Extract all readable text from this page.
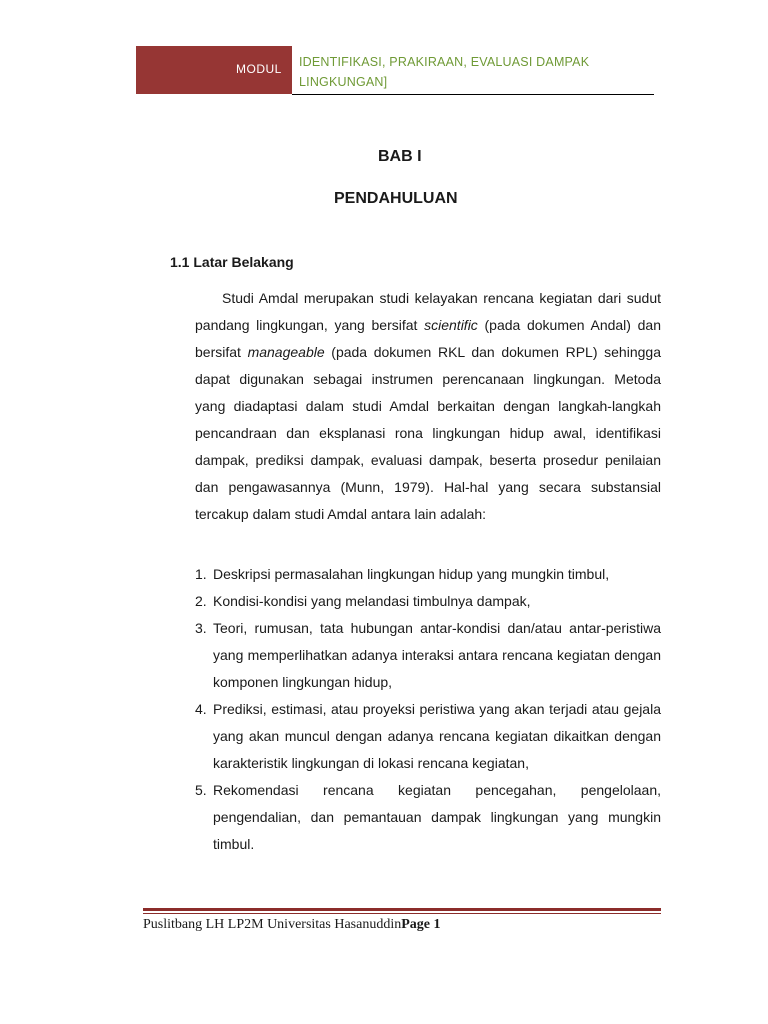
MODUL IDENTIFIKASI, PRAKIRAAN, EVALUASI DAMPAK LINGKUNGAN]
BAB I
PENDAHULUAN
1.1 Latar Belakang

Studi Amdal merupakan studi kelayakan rencana kegiatan dari sudut pandang lingkungan, yang bersifat scientific (pada dokumen Andal) dan bersifat manageable (pada dokumen RKL dan dokumen RPL) sehingga dapat digunakan sebagai instrumen perencanaan lingkungan. Metoda yang diadaptasi dalam studi Amdal berkaitan dengan langkah-langkah pencandraan dan eksplanasi rona lingkungan hidup awal, identifikasi dampak, prediksi dampak, evaluasi dampak, beserta prosedur penilaian dan pengawasannya (Munn, 1979). Hal-hal yang secara substansial tercakup dalam studi Amdal antara lain adalah:

1. Deskripsi permasalahan lingkungan hidup yang mungkin timbul,
2. Kondisi-kondisi yang melandasi timbulnya dampak,
3. Teori, rumusan, tata hubungan antar-kondisi dan/atau antar-peristiwa yang memperlihatkan adanya interaksi antara rencana kegiatan dengan komponen lingkungan hidup,
4. Prediksi, estimasi, atau proyeksi peristiwa yang akan terjadi atau gejala yang akan muncul dengan adanya rencana kegiatan dikaitkan dengan karakteristik lingkungan di lokasi rencana kegiatan,
5. Rekomendasi rencana kegiatan pencegahan, pengelolaan, pengendalian, dan pemantauan dampak lingkungan yang mungkin timbul.
Puslitbang LH LP2M Universitas HasanuddinPage 1
